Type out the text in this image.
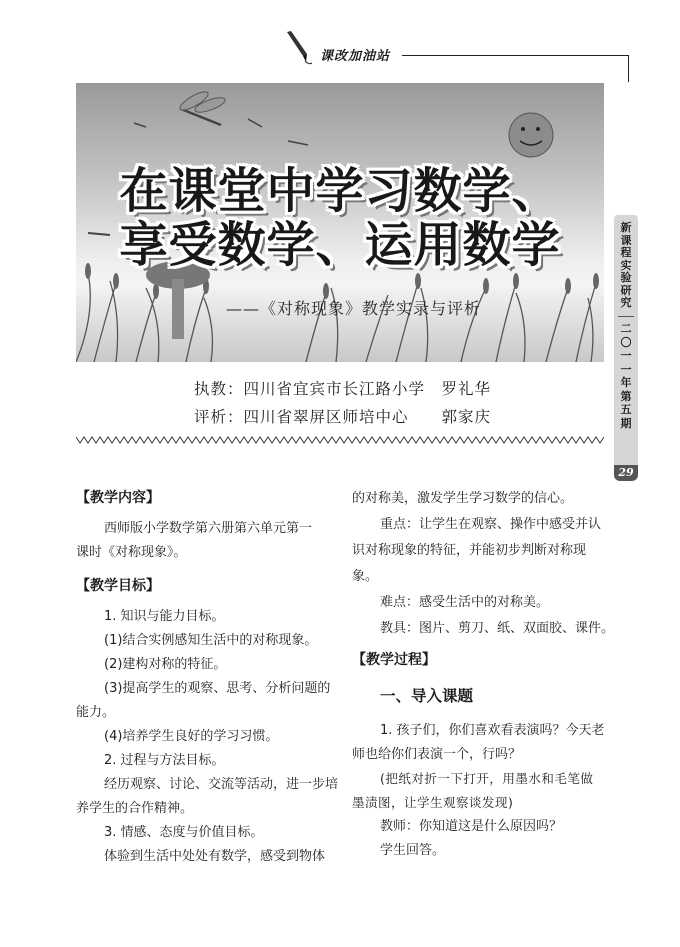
课改加油站
新课程实验研究
二〇一一年第五期
29
在课堂中学习数学、
享受数学、运用数学
——《对称现象》教学实录与评析
执教：四川省宜宾市长江路小学　罗礼华
评析：四川省翠屏区师培中心　　郭家庆
【教学内容】
西师版小学数学第六册第六单元第一
课时《对称现象》。
【教学目标】
1. 知识与能力目标。
(1)结合实例感知生活中的对称现象。
(2)建构对称的特征。
(3)提高学生的观察、思考、分析问题的
能力。
(4)培养学生良好的学习习惯。
2. 过程与方法目标。
经历观察、讨论、交流等活动，进一步培
养学生的合作精神。
3. 情感、态度与价值目标。
体验到生活中处处有数学，感受到物体
的对称美，激发学生学习数学的信心。
重点：让学生在观察、操作中感受并认
识对称现象的特征，并能初步判断对称现
象。
难点：感受生活中的对称美。
教具：图片、剪刀、纸、双面胶、课件。
【教学过程】
一、导入课题
1. 孩子们，你们喜欢看表演吗？今天老
师也给你们表演一个，行吗？
(把纸对折一下打开，用墨水和毛笔做
墨渍图，让学生观察谈发现)
教师：你知道这是什么原因吗？
学生回答。
